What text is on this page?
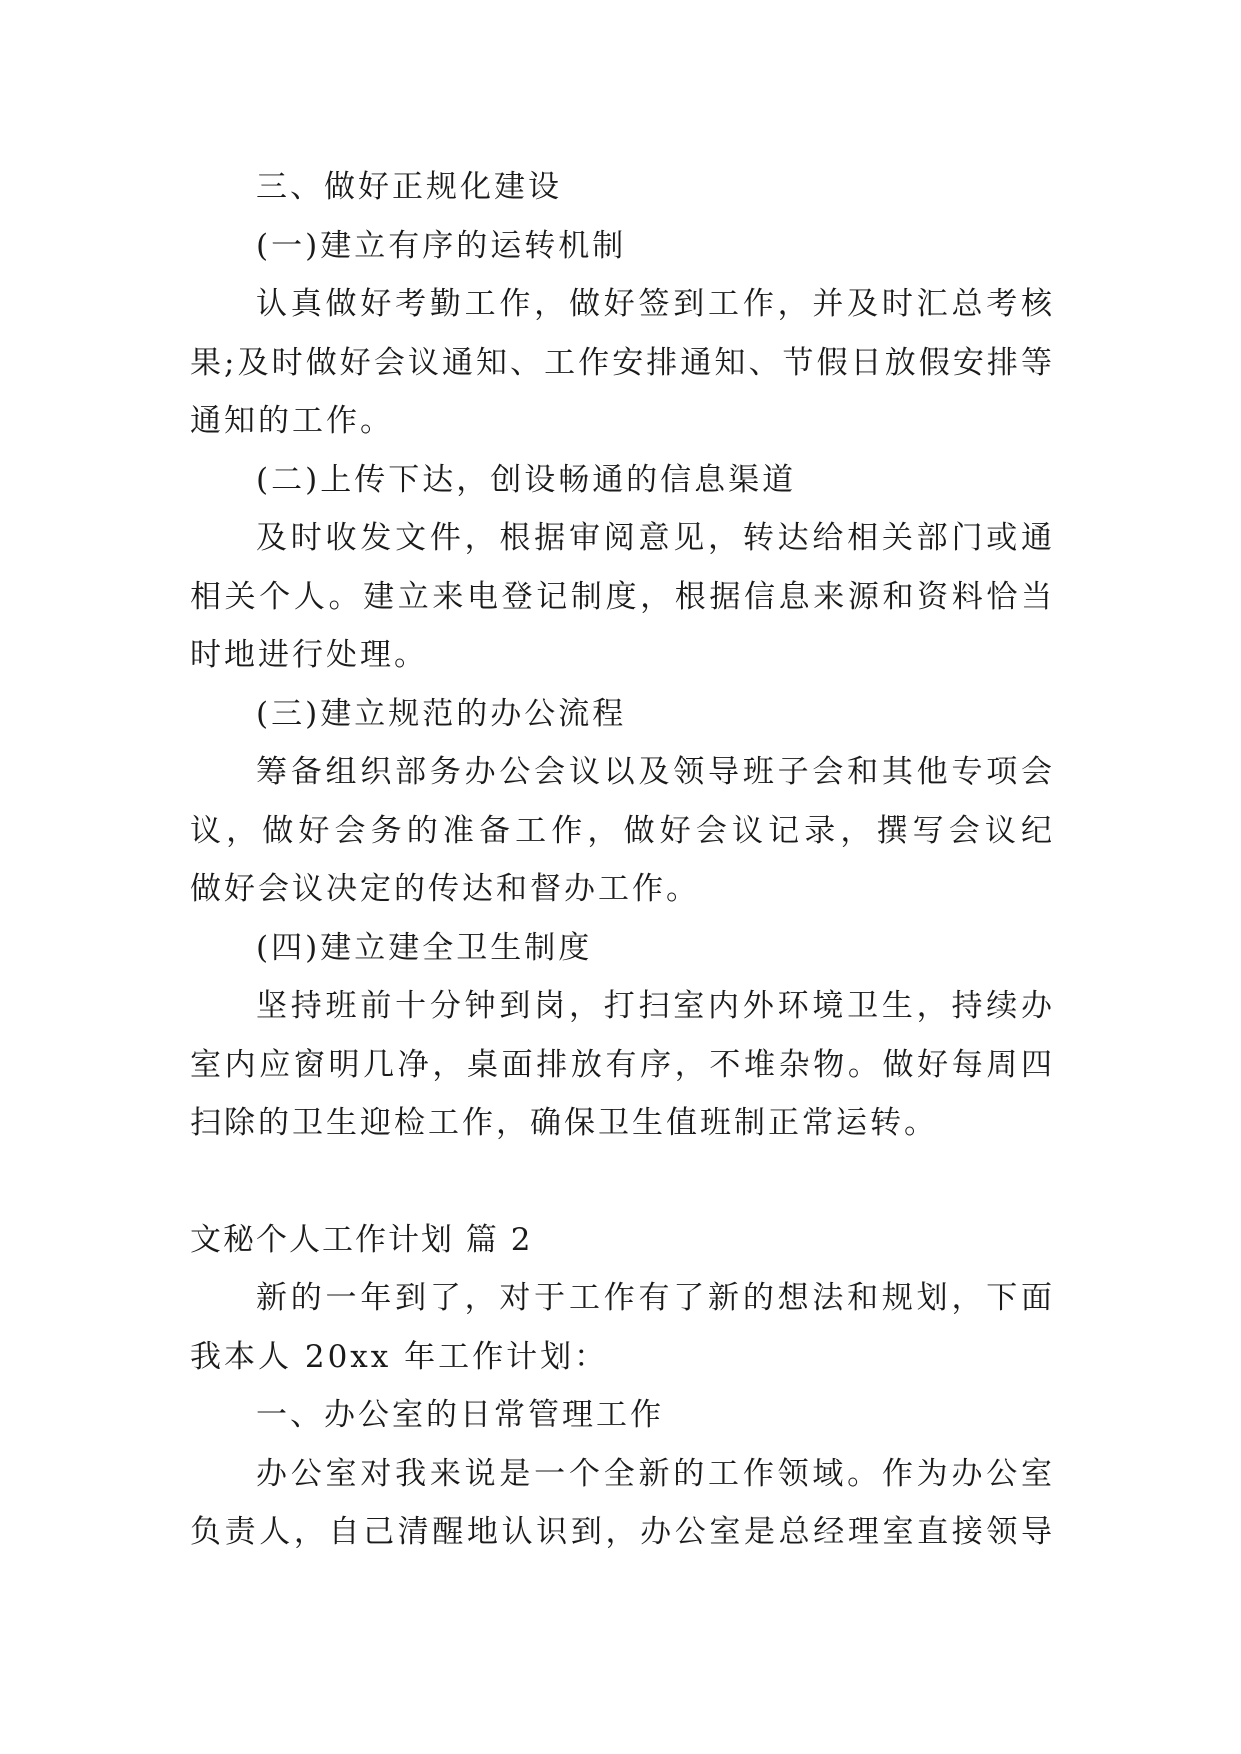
三、做好正规化建设

(一)建立有序的运转机制

认真做好考勤工作，做好签到工作，并及时汇总考核

果;及时做好会议通知、工作安排通知、节假日放假安排等

通知的工作。

(二)上传下达，创设畅通的信息渠道

及时收发文件，根据审阅意见，转达给相关部门或通

相关个人。建立来电登记制度，根据信息来源和资料恰当

时地进行处理。

(三)建立规范的办公流程

筹备组织部务办公会议以及领导班子会和其他专项会

议，做好会务的准备工作，做好会议记录，撰写会议纪

做好会议决定的传达和督办工作。

(四)建立建全卫生制度

坚持班前十分钟到岗，打扫室内外环境卫生，持续办

室内应窗明几净，桌面排放有序，不堆杂物。做好每周四

扫除的卫生迎检工作，确保卫生值班制正常运转。

文秘个人工作计划 篇 2

新的一年到了，对于工作有了新的想法和规划，下面

我本人 20xx 年工作计划：

一、办公室的日常管理工作

办公室对我来说是一个全新的工作领域。作为办公室

负责人，自己清醒地认识到，办公室是总经理室直接领导
